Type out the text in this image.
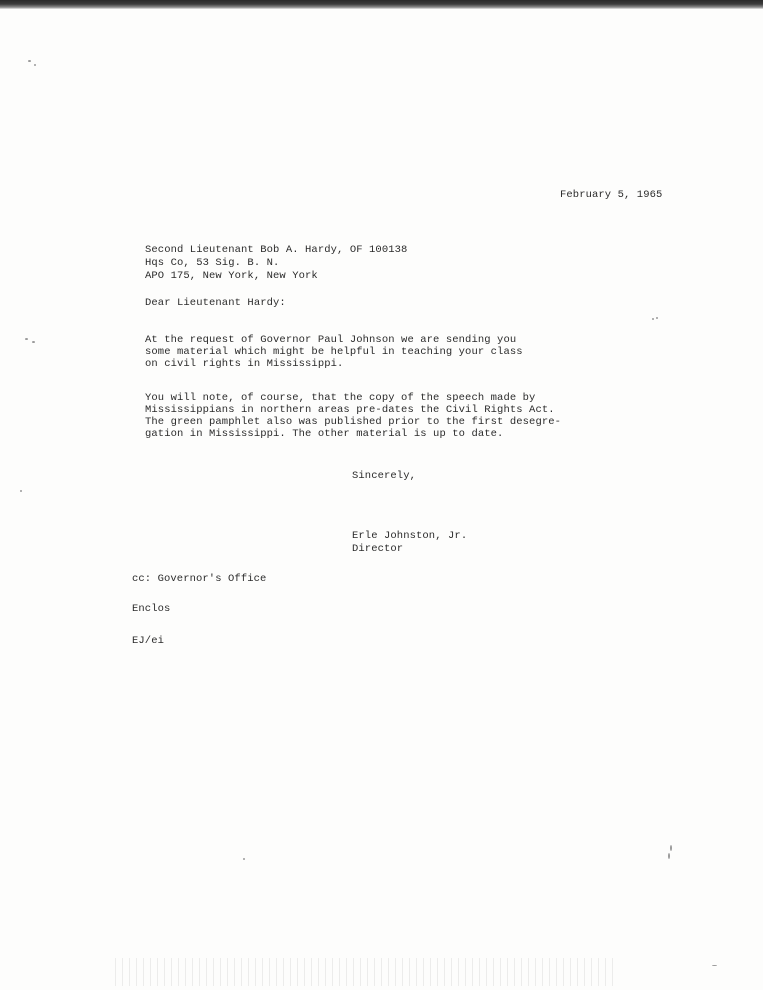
February 5, 1965
Second Lieutenant Bob A. Hardy, OF 100138
Hqs Co, 53 Sig. B. N.
APO 175, New York, New York
Dear Lieutenant Hardy:
At the request of Governor Paul Johnson we are sending you
some material which might be helpful in teaching your class
on civil rights in Mississippi.
You will note, of course, that the copy of the speech made by
Mississippians in northern areas pre-dates the Civil Rights Act.
The green pamphlet also was published prior to the first desegre-
gation in Mississippi. The other material is up to date.
Sincerely,
Erle Johnston, Jr.
Director
cc: Governor's Office
Enclos
EJ/ei
